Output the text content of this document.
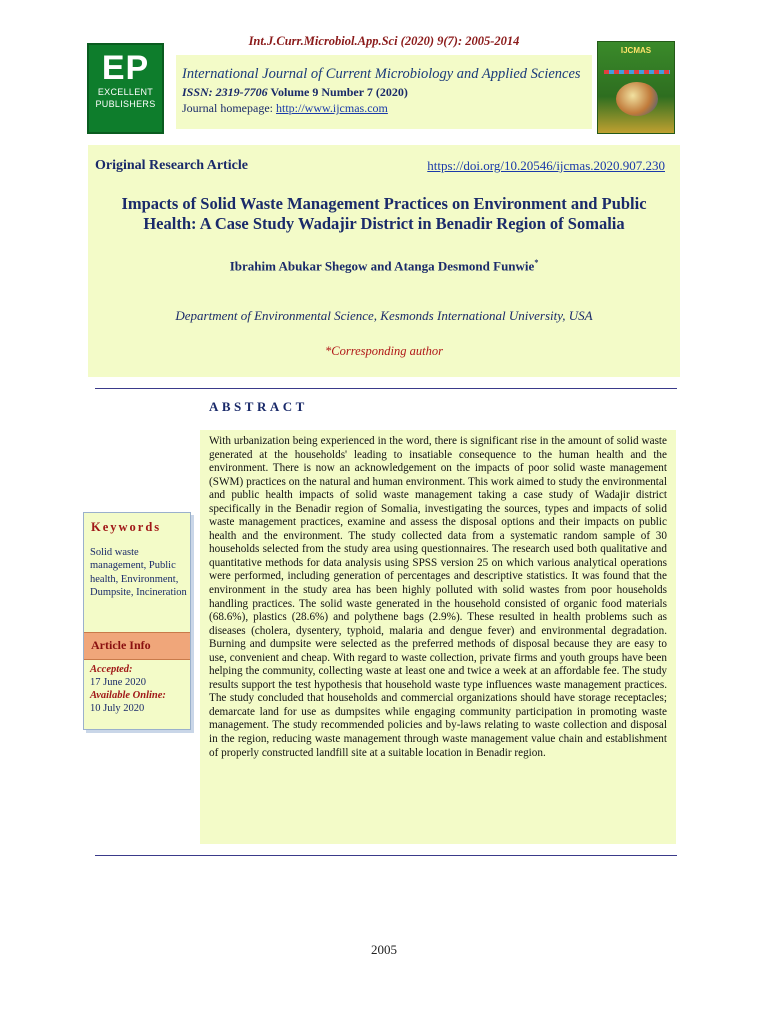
Int.J.Curr.Microbiol.App.Sci (2020) 9(7): 2005-2014
EP
EXCELLENT
PUBLISHERS
International Journal of Current Microbiology and Applied Sciences
ISSN: 2319-7706 Volume 9 Number 7 (2020)
Journal homepage: http://www.ijcmas.com
IJCMAS
Original Research Article	https://doi.org/10.20546/ijcmas.2020.907.230
Impacts of Solid Waste Management Practices on Environment and Public
Health: A Case Study Wadajir District in Benadir Region of Somalia
Ibrahim Abukar Shegow and Atanga Desmond Funwie*
Department of Environmental Science, Kesmonds International University, USA
*Corresponding author
ABSTRACT

With urbanization being experienced in the word, there is significant rise in the amount of solid waste generated at the households' leading to insatiable consequence to the human health and the environment. There is now an acknowledgement on the impacts of poor solid waste management (SWM) practices on the natural and human environment. This work aimed to study the environmental and public health impacts of solid waste management taking a case study of Wadajir district specifically in the Benadir region of Somalia, investigating the sources, types and impacts of solid waste management practices, examine and assess the disposal options and their impacts on public health and the environment. The study collected data from a systematic random sample of 30 households selected from the study area using questionnaires. The research used both qualitative and quantitative methods for data analysis using SPSS version 25 on which various analytical operations were performed, including generation of percentages and descriptive statistics. It was found that the environment in the study area has been highly polluted with solid wastes from poor households handling practices. The solid waste generated in the household consisted of organic food materials (68.6%), plastics (28.6%) and polythene bags (2.9%). These resulted in health problems such as diseases (cholera, dysentery, typhoid, malaria and dengue fever) and environmental degradation. Burning and dumpsite were selected as the preferred methods of disposal because they are easy to use, convenient and cheap. With regard to waste collection, private firms and youth groups have been helping the community, collecting waste at least one and twice a week at an affordable fee. The study results support the test hypothesis that household waste type influences waste management practices. The study concluded that households and commercial organizations should have storage receptacles; demarcate land for use as dumpsites while engaging community participation in promoting waste management. The study recommended policies and by-laws relating to waste collection and disposal in the region, reducing waste management through waste management value chain and establishment of properly constructed landfill site at a suitable location in Benadir region.

Keywords

Solid waste management, Public health, Environment, Dumpsite, Incineration

Article Info
Accepted:
17 June 2020
Available Online:
10 July 2020
2005
